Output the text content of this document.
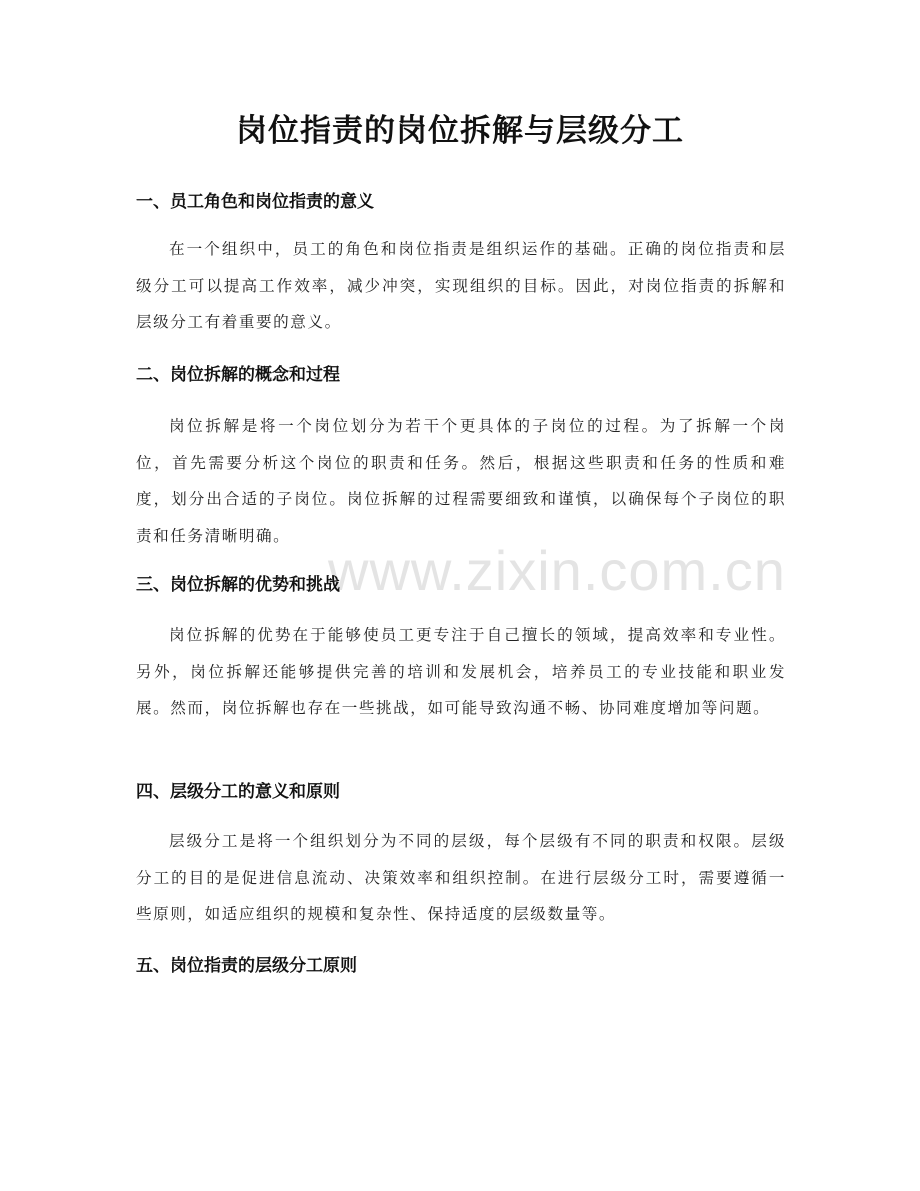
www.zixin.com.cn
岗位指责的岗位拆解与层级分工
一、员工角色和岗位指责的意义
在一个组织中，员工的角色和岗位指责是组织运作的基础。正确的岗位指责和层级分工可以提高工作效率，减少冲突，实现组织的目标。因此，对岗位指责的拆解和层级分工有着重要的意义。
二、岗位拆解的概念和过程
岗位拆解是将一个岗位划分为若干个更具体的子岗位的过程。为了拆解一个岗位，首先需要分析这个岗位的职责和任务。然后，根据这些职责和任务的性质和难度，划分出合适的子岗位。岗位拆解的过程需要细致和谨慎，以确保每个子岗位的职责和任务清晰明确。
三、岗位拆解的优势和挑战
岗位拆解的优势在于能够使员工更专注于自己擅长的领域，提高效率和专业性。另外，岗位拆解还能够提供完善的培训和发展机会，培养员工的专业技能和职业发展。然而，岗位拆解也存在一些挑战，如可能导致沟通不畅、协同难度增加等问题。
四、层级分工的意义和原则
层级分工是将一个组织划分为不同的层级，每个层级有不同的职责和权限。层级分工的目的是促进信息流动、决策效率和组织控制。在进行层级分工时，需要遵循一些原则，如适应组织的规模和复杂性、保持适度的层级数量等。
五、岗位指责的层级分工原则
